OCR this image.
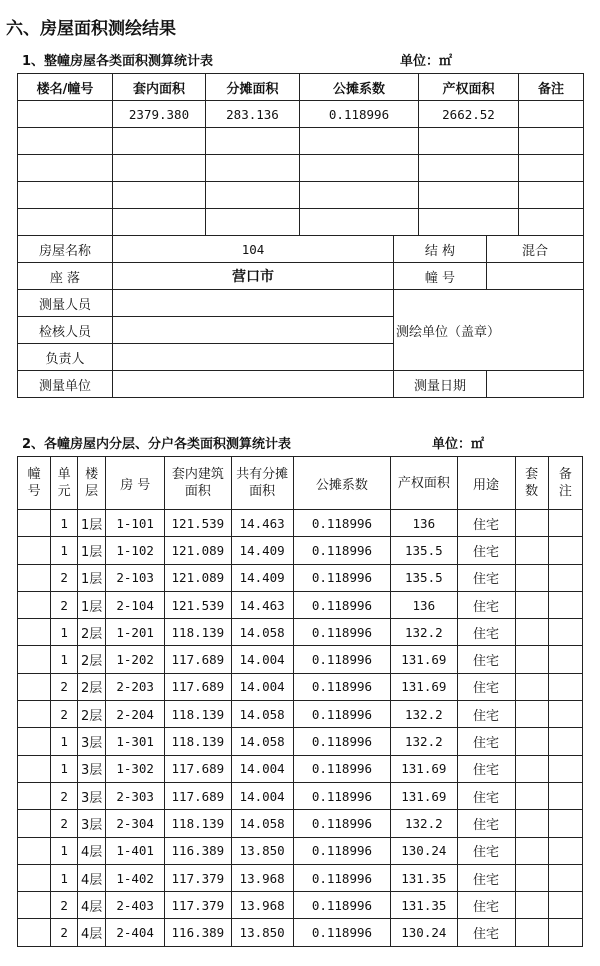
六、房屋面积测绘结果
1、整幢房屋各类面积测算统计表	单位：㎡
楼名/幢号	套内面积	分摊面积	公摊系数		产权面积		备注
	2379.380	283.136	0.118996		2662.52		

房屋名称	104			结 构		混合	
座 落	营口市			幢 号			
测量人员				测绘单位（盖章）			
检核人员							
负责人							
测量单位				测量日期			
2、各幢房屋内分层、分户各类面积测算统计表	单位：㎡
幢号	单元	楼层	房 号	套内建筑面积	共有分摊面积	公摊系数	产权面积	用途	套数	备注
	1	1层	1-101	121.539	14.463	0.118996	136	住宅		
	1	1层	1-102	121.089	14.409	0.118996	135.5	住宅		
	2	1层	2-103	121.089	14.409	0.118996	135.5	住宅		
	2	1层	2-104	121.539	14.463	0.118996	136	住宅		
	1	2层	1-201	118.139	14.058	0.118996	132.2	住宅		
	1	2层	1-202	117.689	14.004	0.118996	131.69	住宅		
	2	2层	2-203	117.689	14.004	0.118996	131.69	住宅		
	2	2层	2-204	118.139	14.058	0.118996	132.2	住宅		
	1	3层	1-301	118.139	14.058	0.118996	132.2	住宅		
	1	3层	1-302	117.689	14.004	0.118996	131.69	住宅		
	2	3层	2-303	117.689	14.004	0.118996	131.69	住宅		
	2	3层	2-304	118.139	14.058	0.118996	132.2	住宅		
	1	4层	1-401	116.389	13.850	0.118996	130.24	住宅		
	1	4层	1-402	117.379	13.968	0.118996	131.35	住宅		
	2	4层	2-403	117.379	13.968	0.118996	131.35	住宅		
	2	4层	2-404	116.389	13.850	0.118996	130.24	住宅		
